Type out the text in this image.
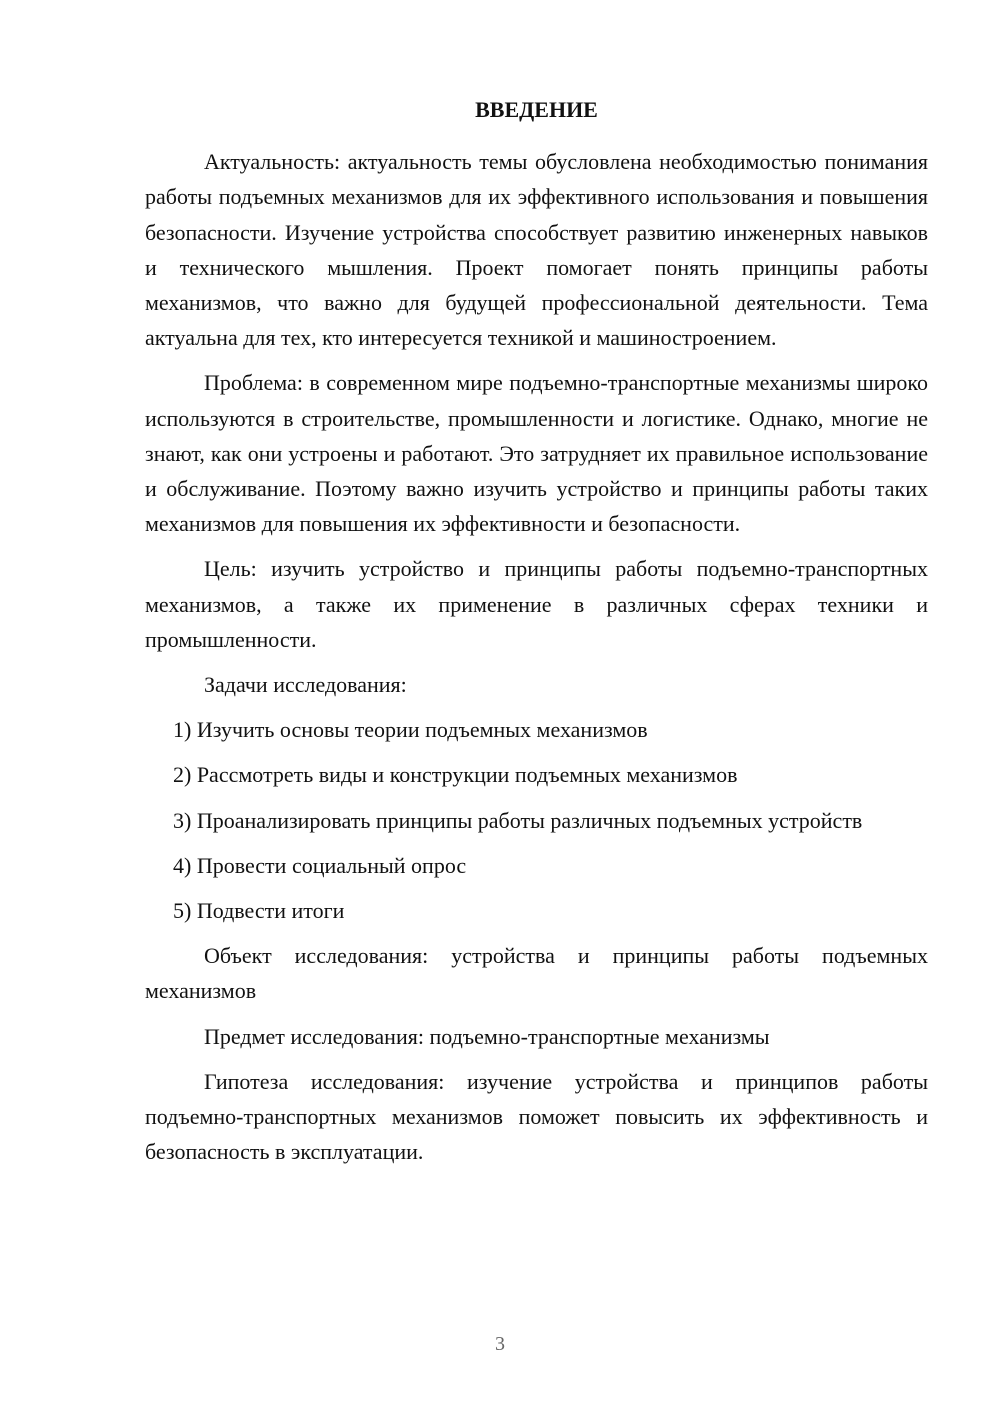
ВВЕДЕНИЕ

Актуальность: актуальность темы обусловлена необходимостью понимания работы подъемных механизмов для их эффективного использования и повышения безопасности. Изучение устройства способствует развитию инженерных навыков и технического мышления. Проект помогает понять принципы работы механизмов, что важно для будущей профессиональной деятельности. Тема актуальна для тех, кто интересуется техникой и машиностроением.

Проблема: в современном мире подъемно-транспортные механизмы широко используются в строительстве, промышленности и логистике. Однако, многие не знают, как они устроены и работают. Это затрудняет их правильное использование и обслуживание. Поэтому важно изучить устройство и принципы работы таких механизмов для повышения их эффективности и безопасности.

Цель: изучить устройство и принципы работы подъемно-транспортных механизмов, а также их применение в различных сферах техники и промышленности.

Задачи исследования:

1) Изучить основы теории подъемных механизмов

2) Рассмотреть виды и конструкции подъемных механизмов

3) Проанализировать принципы работы различных подъемных устройств

4) Провести социальный опрос

5) Подвести итоги

Объект исследования: устройства и принципы работы подъемных механизмов

Предмет исследования: подъемно-транспортные механизмы

Гипотеза исследования: изучение устройства и принципов работы подъемно-транспортных механизмов поможет повысить их эффективность и безопасность в эксплуатации.

3
